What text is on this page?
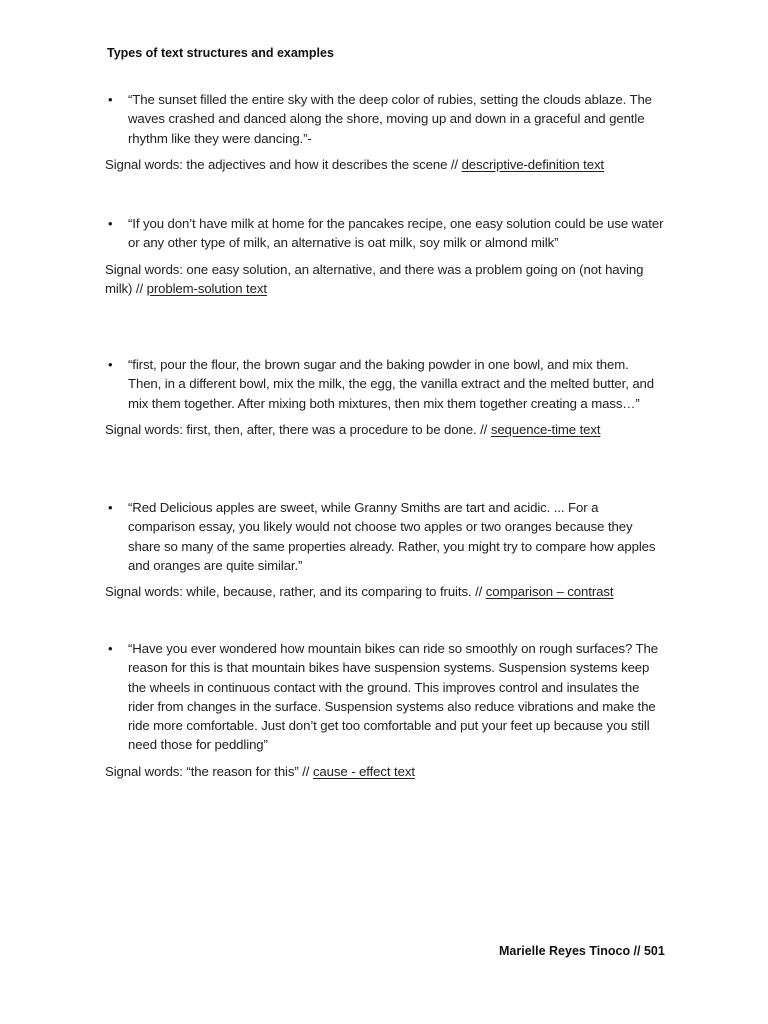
Types of text structures and examples
• “The sunset filled the entire sky with the deep color of rubies, setting the clouds ablaze. The waves crashed and danced along the shore, moving up and down in a graceful and gentle rhythm like they were dancing.”-

Signal words: the adjectives and how it describes the scene // descriptive-definition text

• “If you don’t have milk at home for the pancakes recipe, one easy solution could be use water or any other type of milk, an alternative is oat milk, soy milk or almond milk”

Signal words: one easy solution, an alternative, and there was a problem going on (not having milk) // problem-solution text

• “first, pour the flour, the brown sugar and the baking powder in one bowl, and mix them. Then, in a different bowl, mix the milk, the egg, the vanilla extract and the melted butter, and mix them together. After mixing both mixtures, then mix them together creating a mass…”

Signal words: first, then, after, there was a procedure to be done. // sequence-time text

• “Red Delicious apples are sweet, while Granny Smiths are tart and acidic. ... For a comparison essay, you likely would not choose two apples or two oranges because they share so many of the same properties already. Rather, you might try to compare how apples and oranges are quite similar.”

Signal words: while, because, rather, and its comparing to fruits. // comparison – contrast

• “Have you ever wondered how mountain bikes can ride so smoothly on rough surfaces? The reason for this is that mountain bikes have suspension systems. Suspension systems keep the wheels in continuous contact with the ground. This improves control and insulates the rider from changes in the surface. Suspension systems also reduce vibrations and make the ride more comfortable. Just don’t get too comfortable and put your feet up because you still need those for peddling”

Signal words: “the reason for this” // cause - effect text

Marielle Reyes Tinoco // 501
